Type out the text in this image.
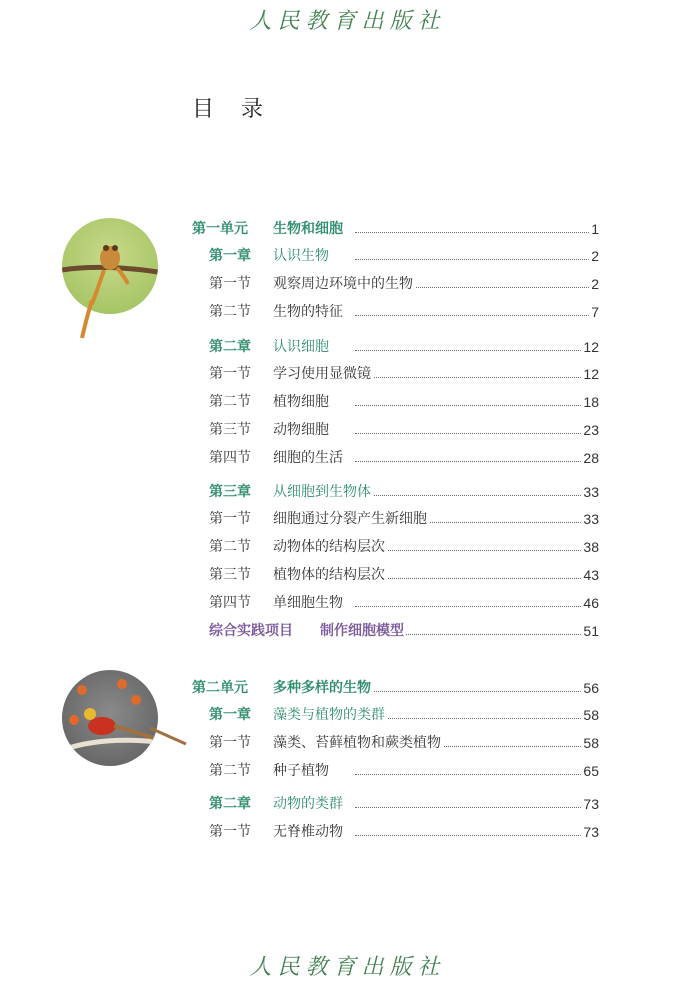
人民教育出版社
目 录
第一单元 生物和细胞	1
第一章 认识生物	2
第一节 观察周边环境中的生物	2
第二节 生物的特征	7
第二章 认识细胞	12
第一节 学习使用显微镜	12
第二节 植物细胞	18
第三节 动物细胞	23
第四节 细胞的生活	28
第三章 从细胞到生物体	33
第一节 细胞通过分裂产生新细胞	33
第二节 动物体的结构层次	38
第三节 植物体的结构层次	43
第四节 单细胞生物	46
综合实践项目 制作细胞模型	51
第二单元 多种多样的生物	56
第一章 藻类与植物的类群	58
第一节 藻类、苔藓植物和蕨类植物	58
第二节 种子植物	65
第二章 动物的类群	73
第一节 无脊椎动物	73
人民教育出版社
